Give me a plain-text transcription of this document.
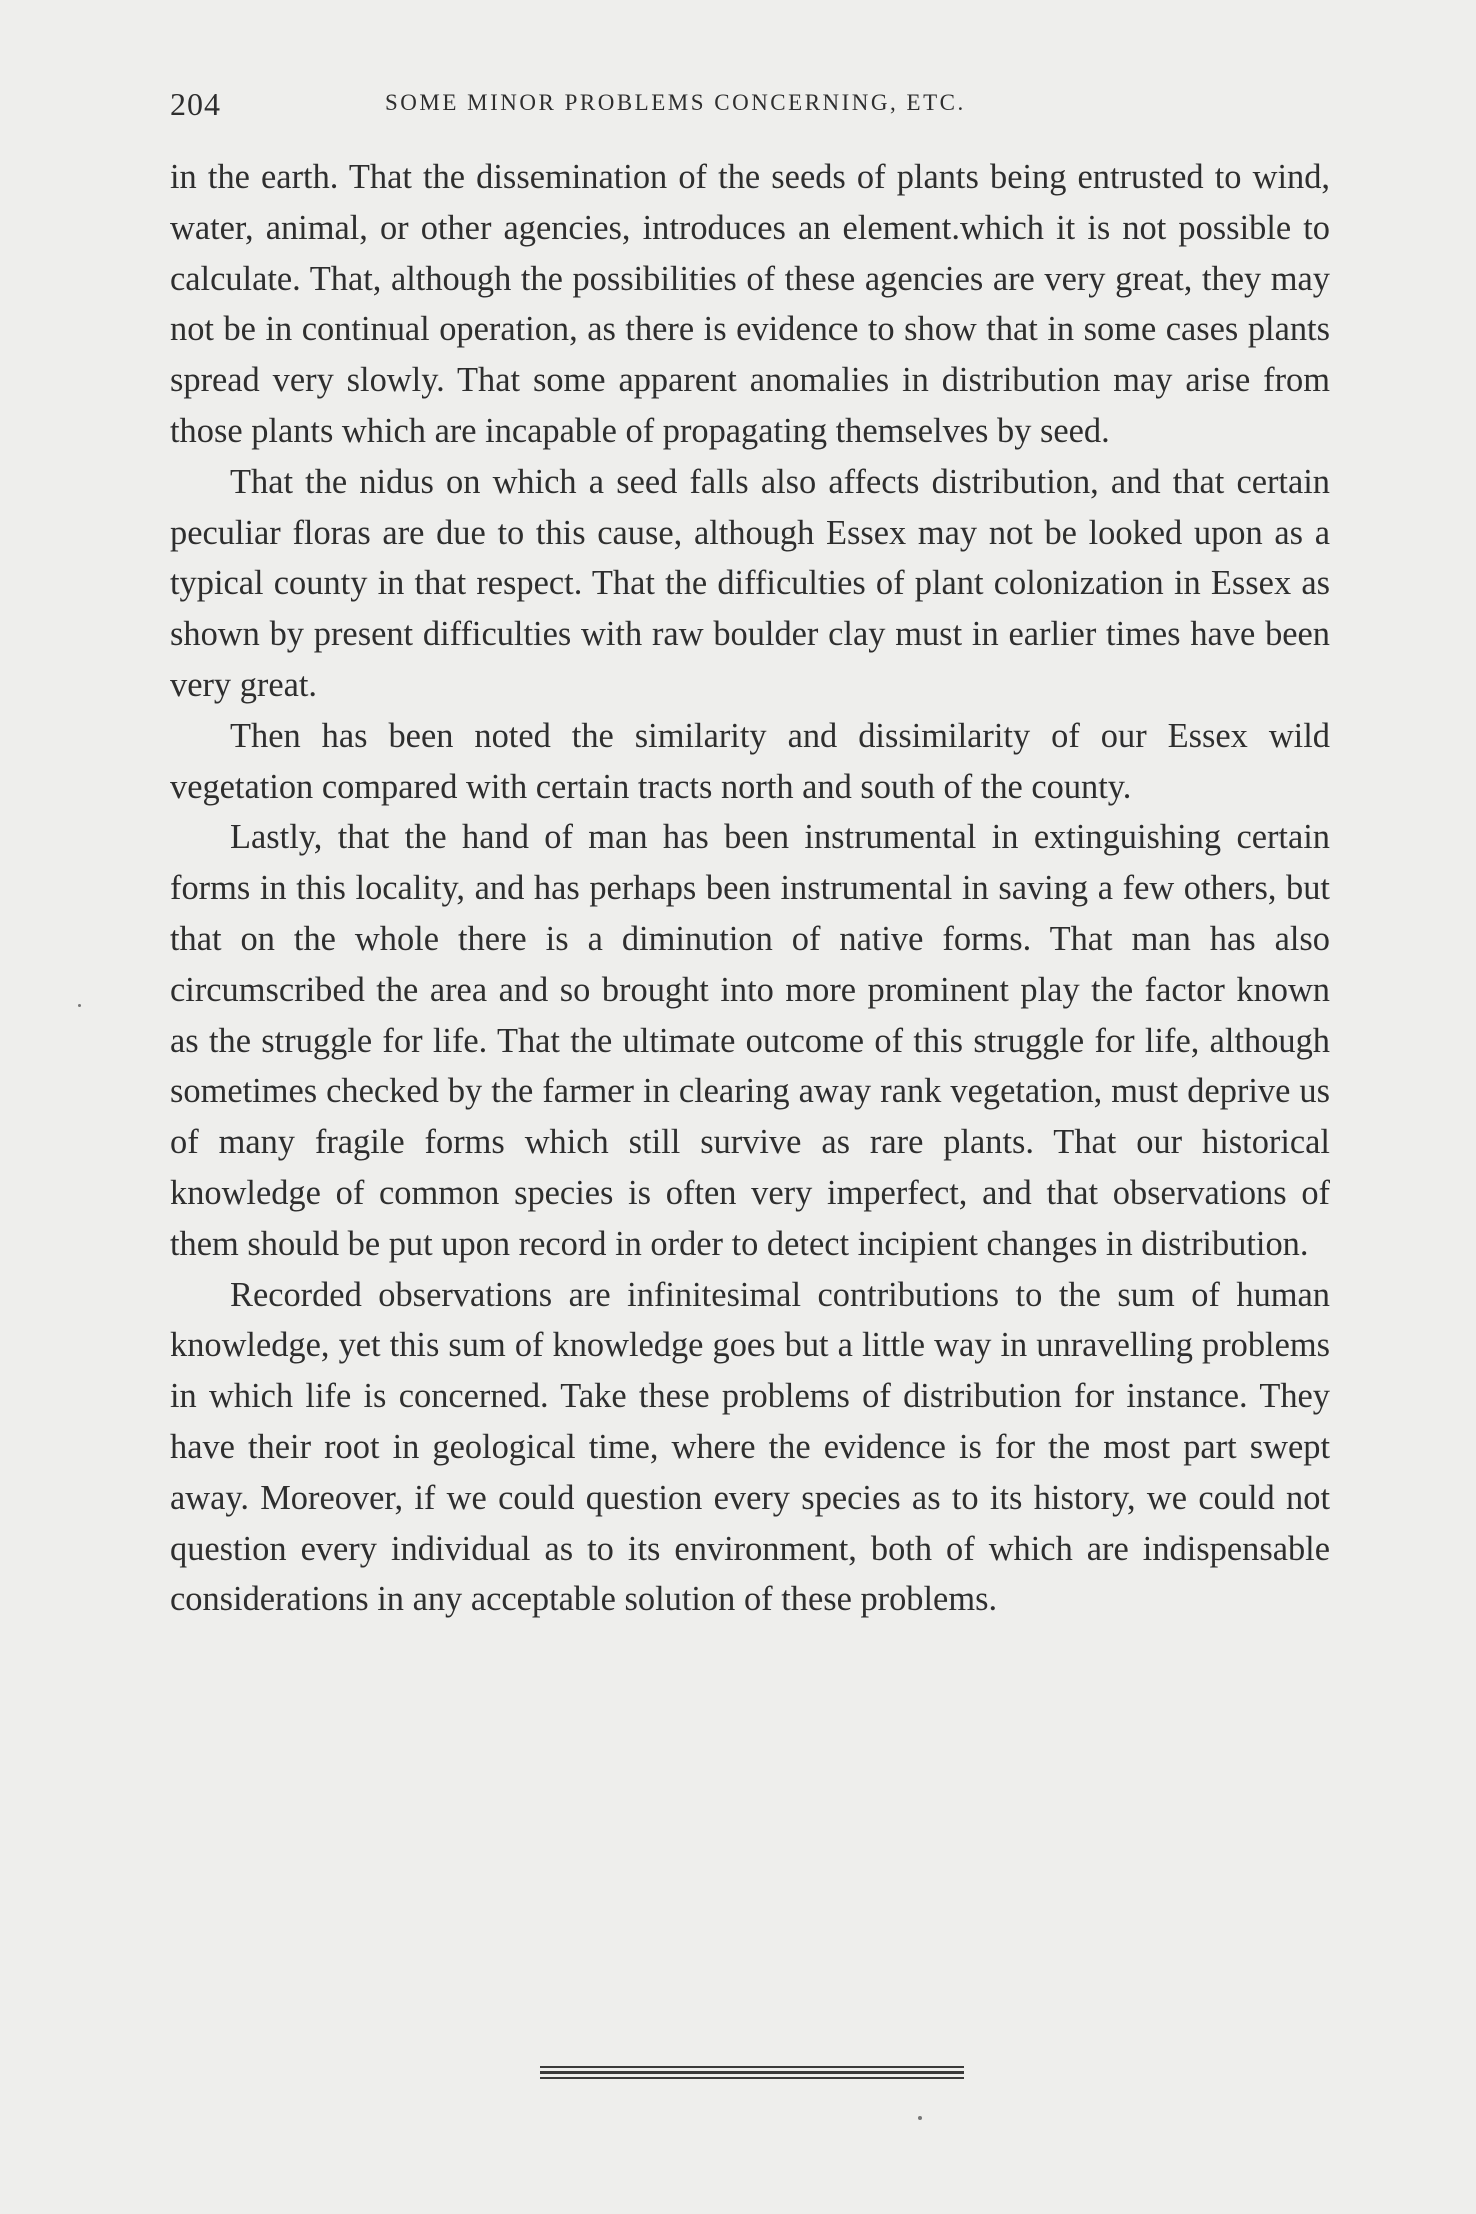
204	SOME MINOR PROBLEMS CONCERNING, ETC.

in the earth. That the dissemination of the seeds of plants being entrusted to wind, water, animal, or other agencies, introduces an element.which it is not possible to calculate. That, although the possibilities of these agencies are very great, they may not be in continual operation, as there is evidence to show that in some cases plants spread very slowly. That some apparent anomalies in distribution may arise from those plants which are incapable of propagating themselves by seed.

That the nidus on which a seed falls also affects distribution, and that certain peculiar floras are due to this cause, although Essex may not be looked upon as a typical county in that respect. That the difficulties of plant colonization in Essex as shown by present difficulties with raw boulder clay must in earlier times have been very great.

Then has been noted the similarity and dissimilarity of our Essex wild vegetation compared with certain tracts north and south of the county.

Lastly, that the hand of man has been instrumental in extinguishing certain forms in this locality, and has perhaps been instrumental in saving a few others, but that on the whole there is a diminution of native forms. That man has also circumscribed the area and so brought into more prominent play the factor known as the struggle for life. That the ultimate outcome of this struggle for life, although sometimes checked by the farmer in clearing away rank vegetation, must deprive us of many fragile forms which still survive as rare plants. That our historical knowledge of common species is often very imperfect, and that observations of them should be put upon record in order to detect incipient changes in distribution.

Recorded observations are infinitesimal contributions to the sum of human knowledge, yet this sum of knowledge goes but a little way in unravelling problems in which life is concerned. Take these problems of distribution for instance. They have their root in geological time, where the evidence is for the most part swept away. Moreover, if we could question every species as to its history, we could not question every individual as to its environment, both of which are indispensable considerations in any acceptable solution of these problems.
